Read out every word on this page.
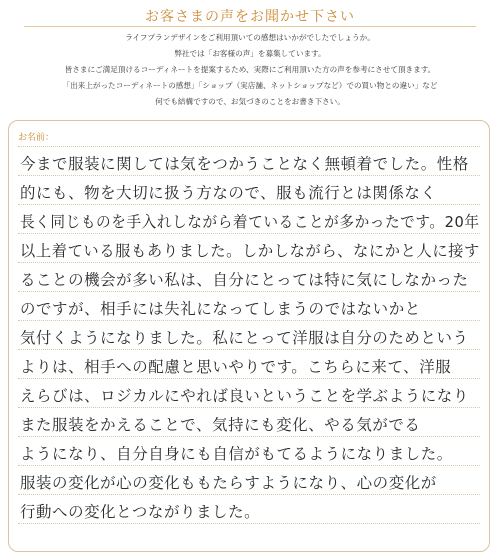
お客さまの声をお聞かせ下さい
ライフプランデザインをご利用頂いての感想はいかがでしたでしょうか。
弊社では「お客様の声」を募集しています。
皆さまにご満足頂けるコーディネートを提案するため、実際にご利用頂いた方の声を参考にさせて頂きます。
「出来上がったコーディネートの感想」「ショップ（実店舗、ネットショップなど）での買い物との違い」など
何でも結構ですので、お気づきのことをお書き下さい。
お名前：
今まで服装に関しては気をつかうことなく無頓着でした。性格
的にも、物を大切に扱う方なので、服も流行とは関係なく
長く同じものを手入れしながら着ていることが多かったです。20年
以上着ている服もありました。しかしながら、なにかと人に接す
ることの機会が多い私は、自分にとっては特に気にしなかった
のですが、相手には失礼になってしまうのではないかと
気付くようになりました。私にとって洋服は自分のためという
よりは、相手への配慮と思いやりです。こちらに来て、洋服
えらびは、ロジカルにやれば良いということを学ぶようになり
また服装をかえることで、気持にも変化、やる気がでる
ようになり、自分自身にも自信がもてるようになりました。
服装の変化が心の変化ももたらすようになり、心の変化が
行動への変化とつながりました。
